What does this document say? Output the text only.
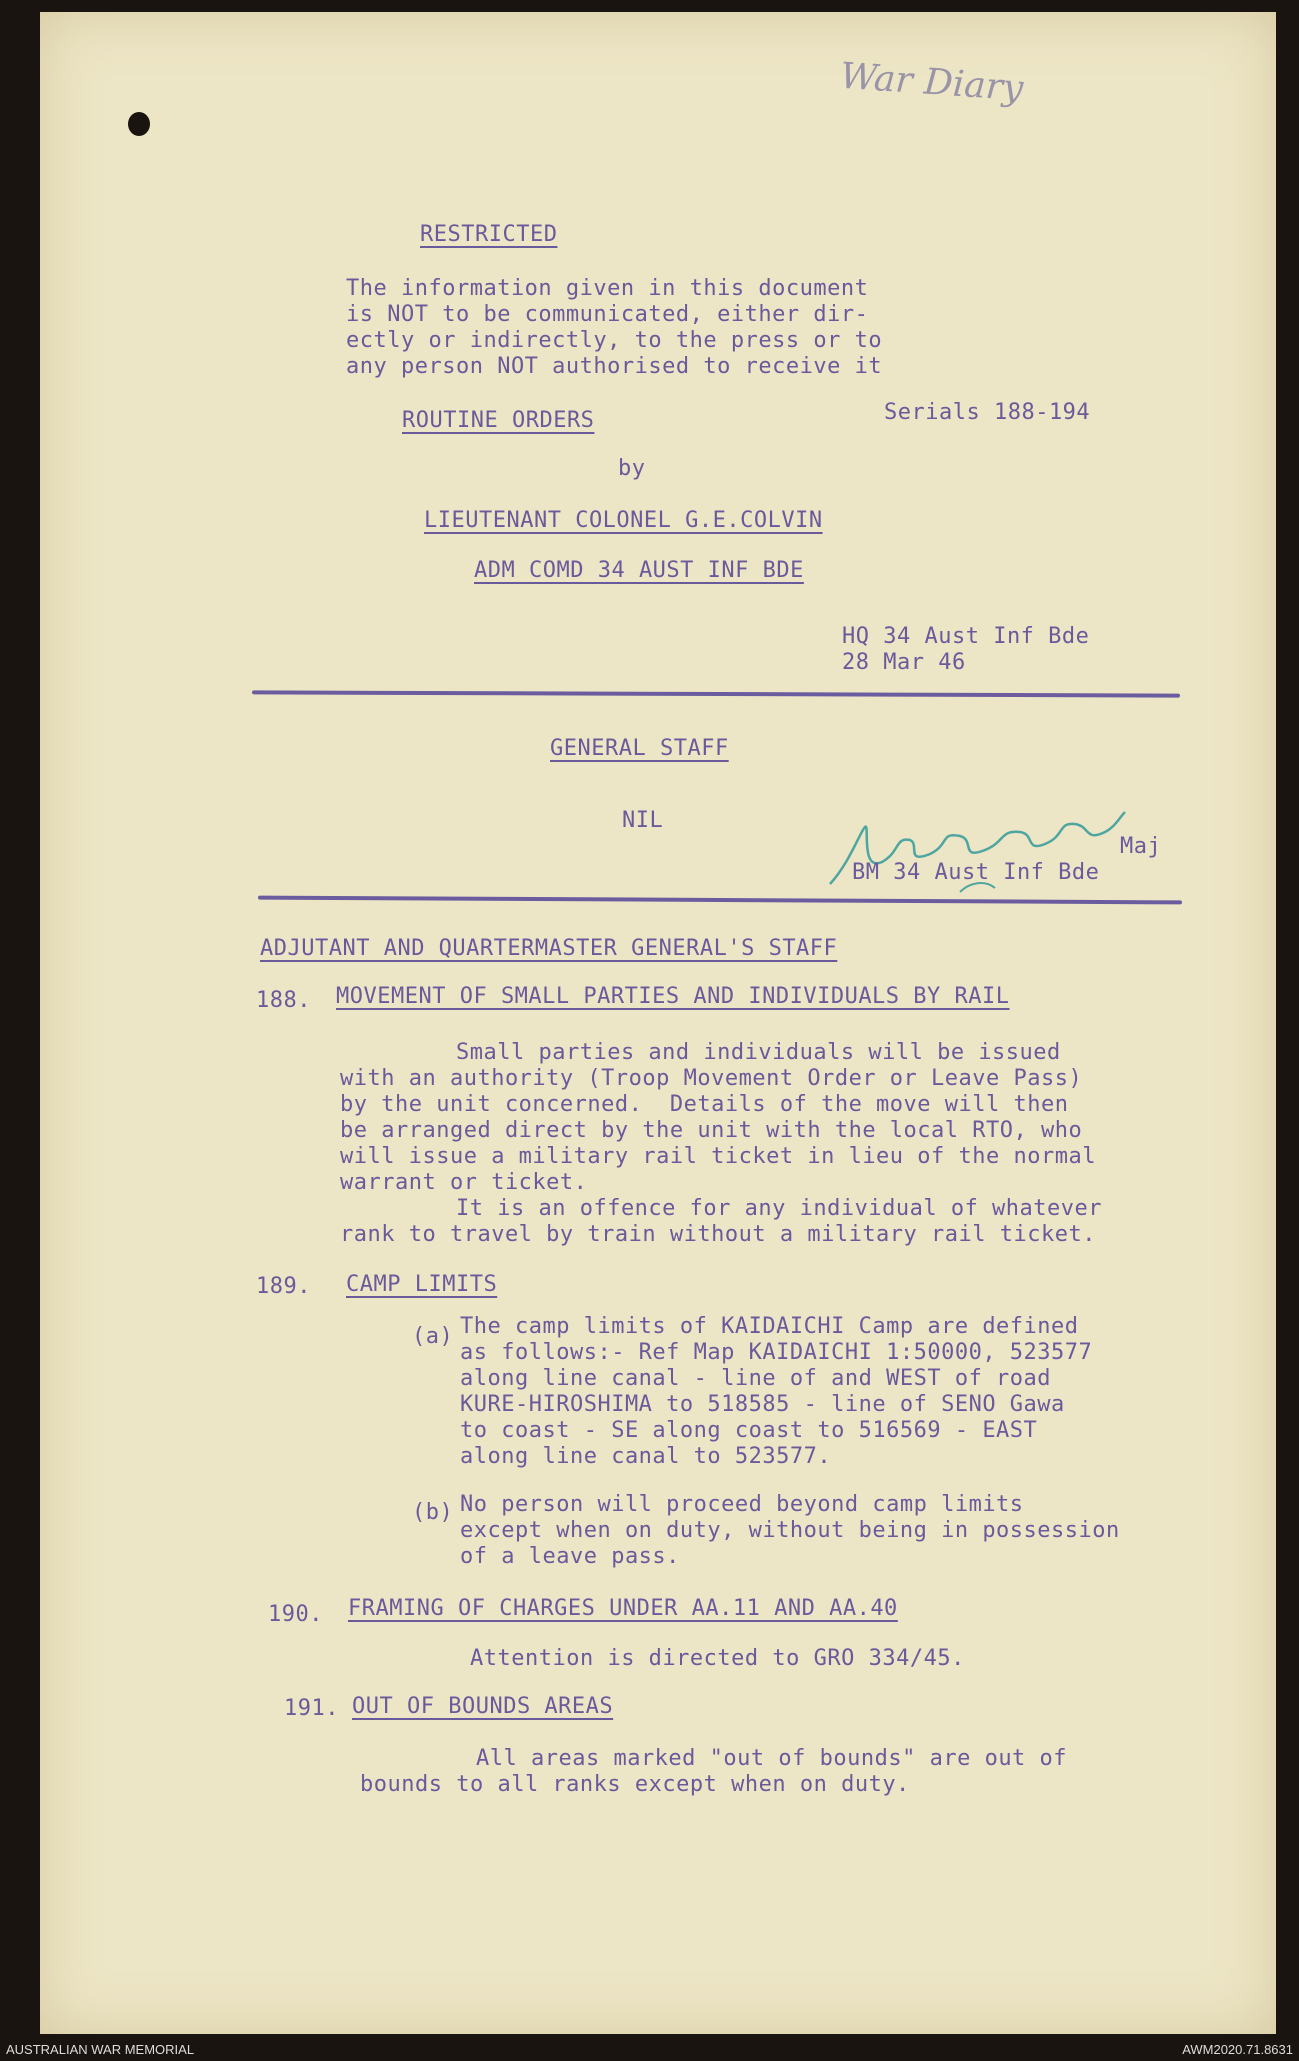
War Diary
RESTRICTED
The information given in this document
is NOT to be communicated, either dir-
ectly or indirectly, to the press or to
any person NOT authorised to receive it
ROUTINE ORDERS	Serials 188-194
by
LIEUTENANT COLONEL G.E.COLVIN
ADM COMD 34 AUST INF BDE
HQ 34 Aust Inf Bde
28 Mar 46
GENERAL STAFF
NIL
Maj
BM 34 Aust Inf Bde
ADJUTANT AND QUARTERMASTER GENERAL'S STAFF
188. MOVEMENT OF SMALL PARTIES AND INDIVIDUALS BY RAIL
Small parties and individuals will be issued
with an authority (Troop Movement Order or Leave Pass)
by the unit concerned.  Details of the move will then
be arranged direct by the unit with the local RTO, who
will issue a military rail ticket in lieu of the normal
warrant or ticket.
It is an offence for any individual of whatever
rank to travel by train without a military rail ticket.
189. CAMP LIMITS
(a) The camp limits of KAIDAICHI Camp are defined
as follows:- Ref Map KAIDAICHI 1:50000, 523577
along line canal - line of and WEST of road
KURE-HIROSHIMA to 518585 - line of SENO Gawa
to coast - SE along coast to 516569 - EAST
along line canal to 523577.
(b) No person will proceed beyond camp limits
except when on duty, without being in possession
of a leave pass.
190. FRAMING OF CHARGES UNDER AA.11 AND AA.40
Attention is directed to GRO 334/45.
191. OUT OF BOUNDS AREAS
All areas marked "out of bounds" are out of
bounds to all ranks except when on duty.
AUSTRALIAN WAR MEMORIAL	AWM2020.71.8631
